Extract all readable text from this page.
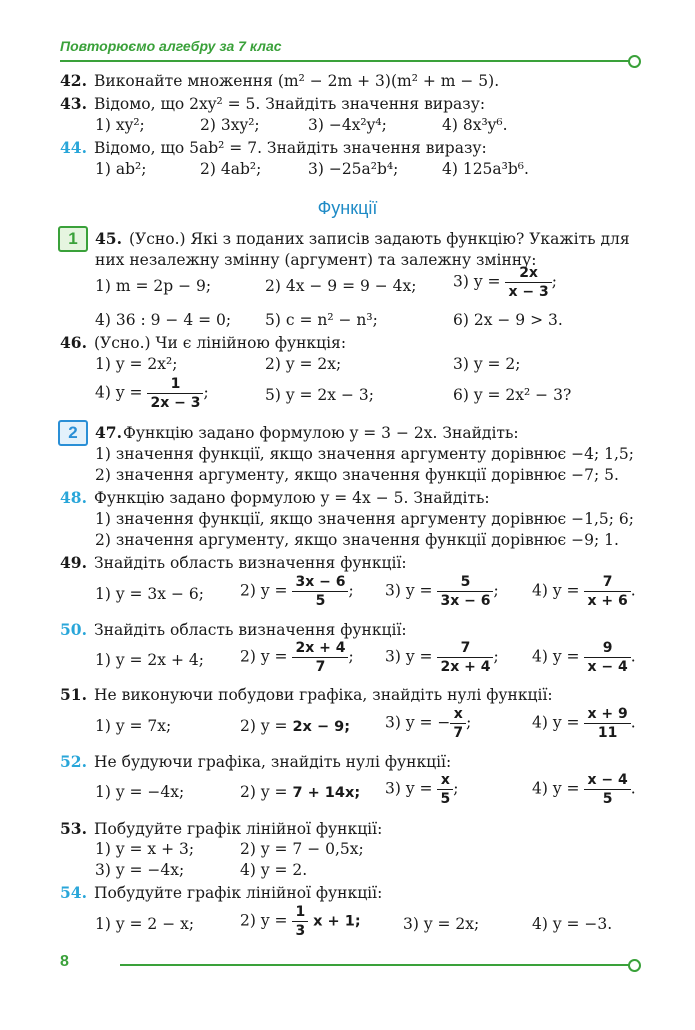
Повторюємо алгебру за 7 клас
42. Виконайте множення (m² − 2m + 3)(m² + m − 5).
43. Відомо, що 2xy² = 5. Знайдіть значення виразу:
1) xy²;	2) 3xy²;	3) −4x²y⁴;	4) 8x³y⁶.
44. Відомо, що 5ab² = 7. Знайдіть значення виразу:
1) ab²;	2) 4ab²;	3) −25a²b⁴;	4) 125a³b⁶.
Функції
1	45. (Усно.) Які з поданих записів задають функцію? Укажіть для
них незалежну змінну (аргумент) та залежну змінну:
1) m = 2p − 9;	2) 4x − 9 = 9 − 4x; 3) $y = \frac{2x}{x - 3}$ ;
4) 36 : 9 − 4 = 0; 5) c = n² − n³;	6) 2x − 9 > 3.
46. (Усно.) Чи є лінійною функція:
1) y = 2x²;	2) y = 2x;	3) y = 2;
4) $y = \frac{1}{2x - 3}$ ;	5) y = 2x − 3;	6) y = 2x² − 3?
2	47.Функцію задано формулою y = 3 − 2x. Знайдіть:
1) значення функції, якщо значення аргументу дорівнює −4; 1,5;
2) значення аргументу, якщо значення функції дорівнює −7; 5.
48. Функцію задано формулою y = 4x − 5. Знайдіть:
1) значення функції, якщо значення аргументу дорівнює −1,5; 6;
2) значення аргументу, якщо значення функції дорівнює −9; 1.
49. Знайдіть область визначення функції:
1) y = 3x − 6; 2) $y = \frac{3x - 6}{5}$ ; 3) $y = \frac{5}{3x - 6}$ ; 4) $y = \frac{7}{x + 6}$ .
50. Знайдіть область визначення функції:
1) y = 2x + 4; 2) $y = \frac{2x + 4}{7}$ ; 3) $y = \frac{7}{2x + 4}$ ; 4) $y = \frac{9}{x - 4}$ .
51. Не виконуючи побудови графіка, знайдіть нулі функції:
1) y = 7x;	2) y = 2x − 9; 3) y = − $\frac{x}{7}$ ;	4) $y = \frac{x + 9}{11}$ .
52. Не будуючи графіка, знайдіть нулі функції:
1) y = −4x;	2) y = 7 + 14x; 3) $y = \frac{x}{5}$ ;	4) $y = \frac{x - 4}{5}$ .
53. Побудуйте графік лінійної функції:
1) y = x + 3;	2) y = 7 − 0,5x;
3) y = −4x;	4) y = 2.
54. Побудуйте графік лінійної функції:
1) y = 2 − x;	2) $y = \frac{1}{3}$ x + 1;	3) y = 2x;	4) y = −3.
8
